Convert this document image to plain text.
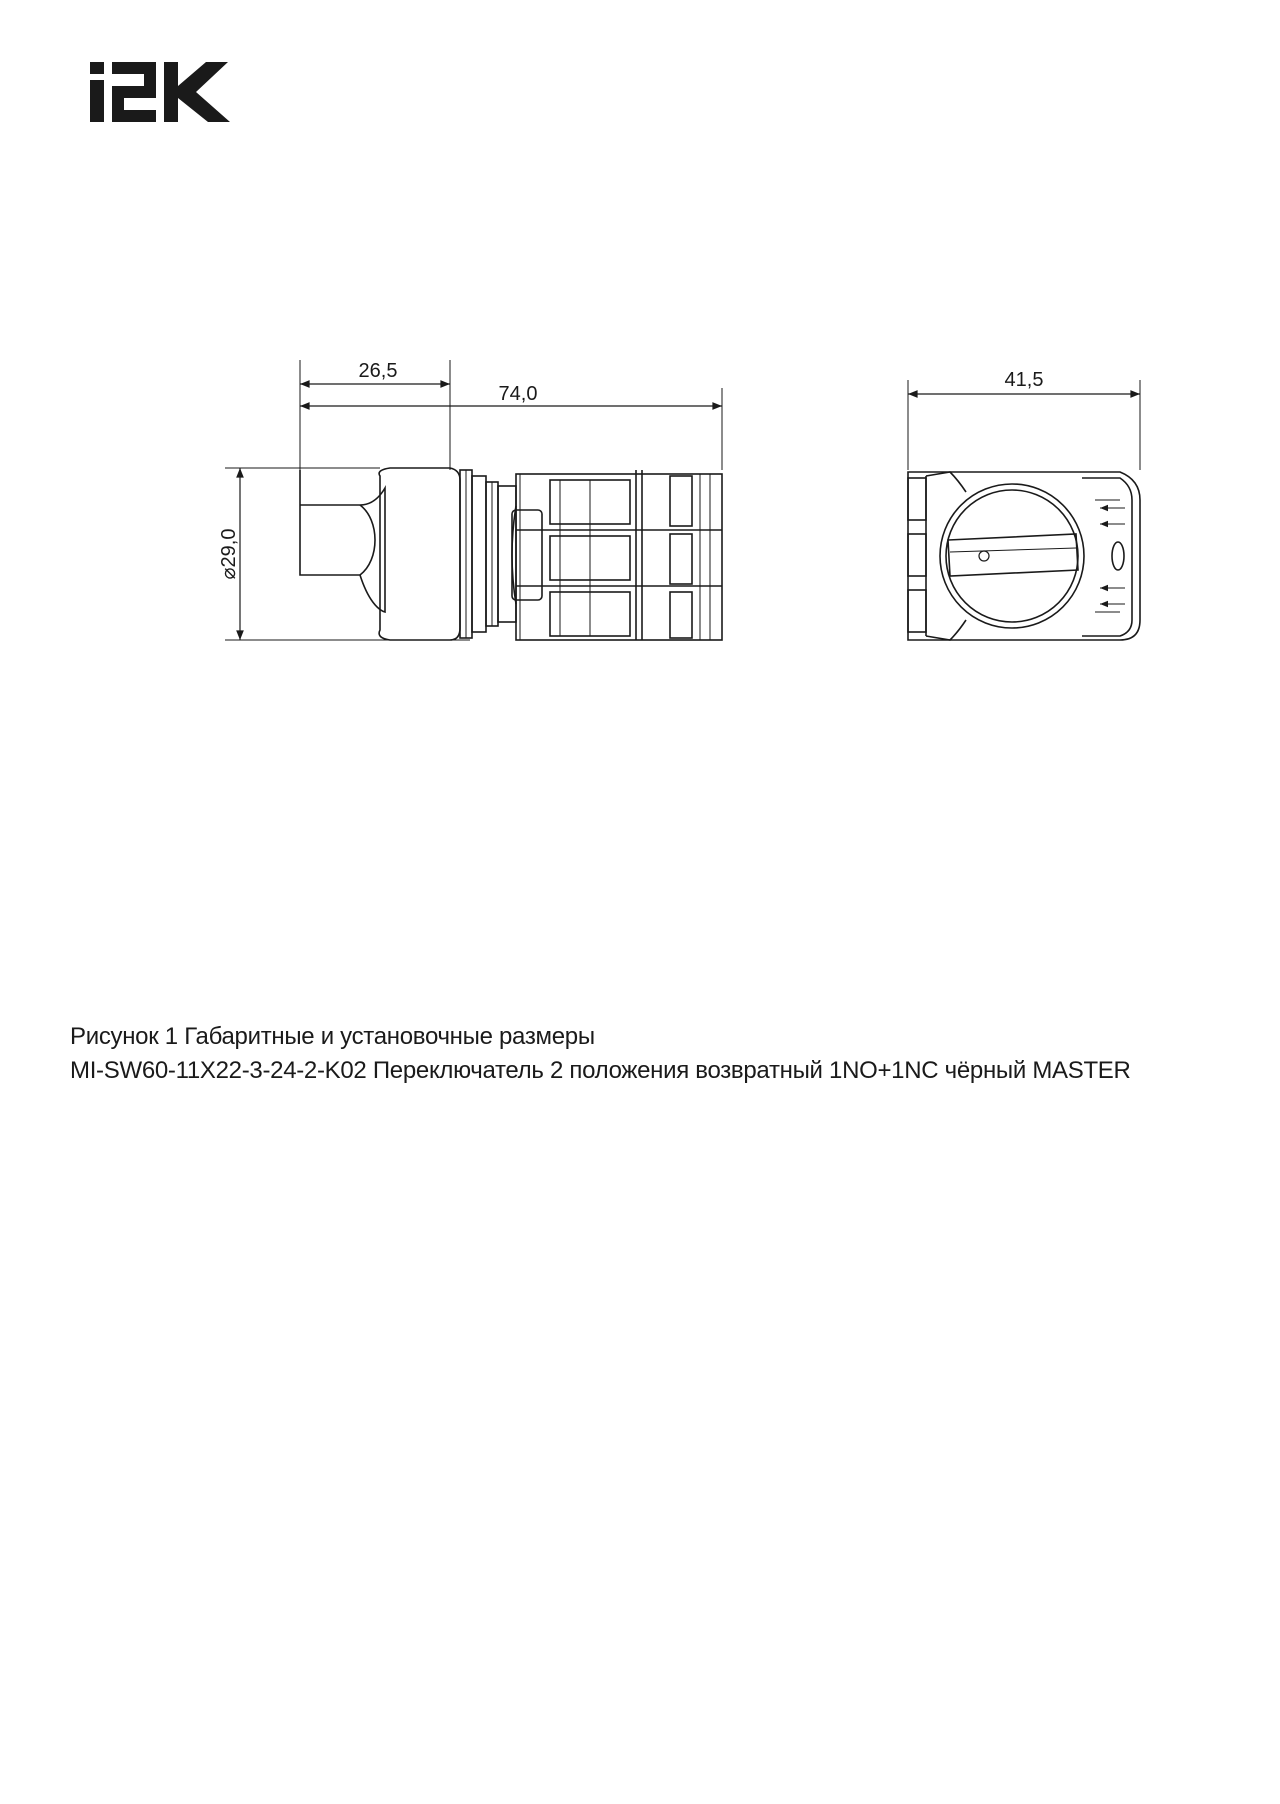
26,5
74,0
⌀29,0
41,5
Рисунок 1 Габаритные и установочные размеры
MI-SW60-11X22-3-24-2-K02 Переключатель 2 положения возвратный 1NO+1NC чёрный MASTER
